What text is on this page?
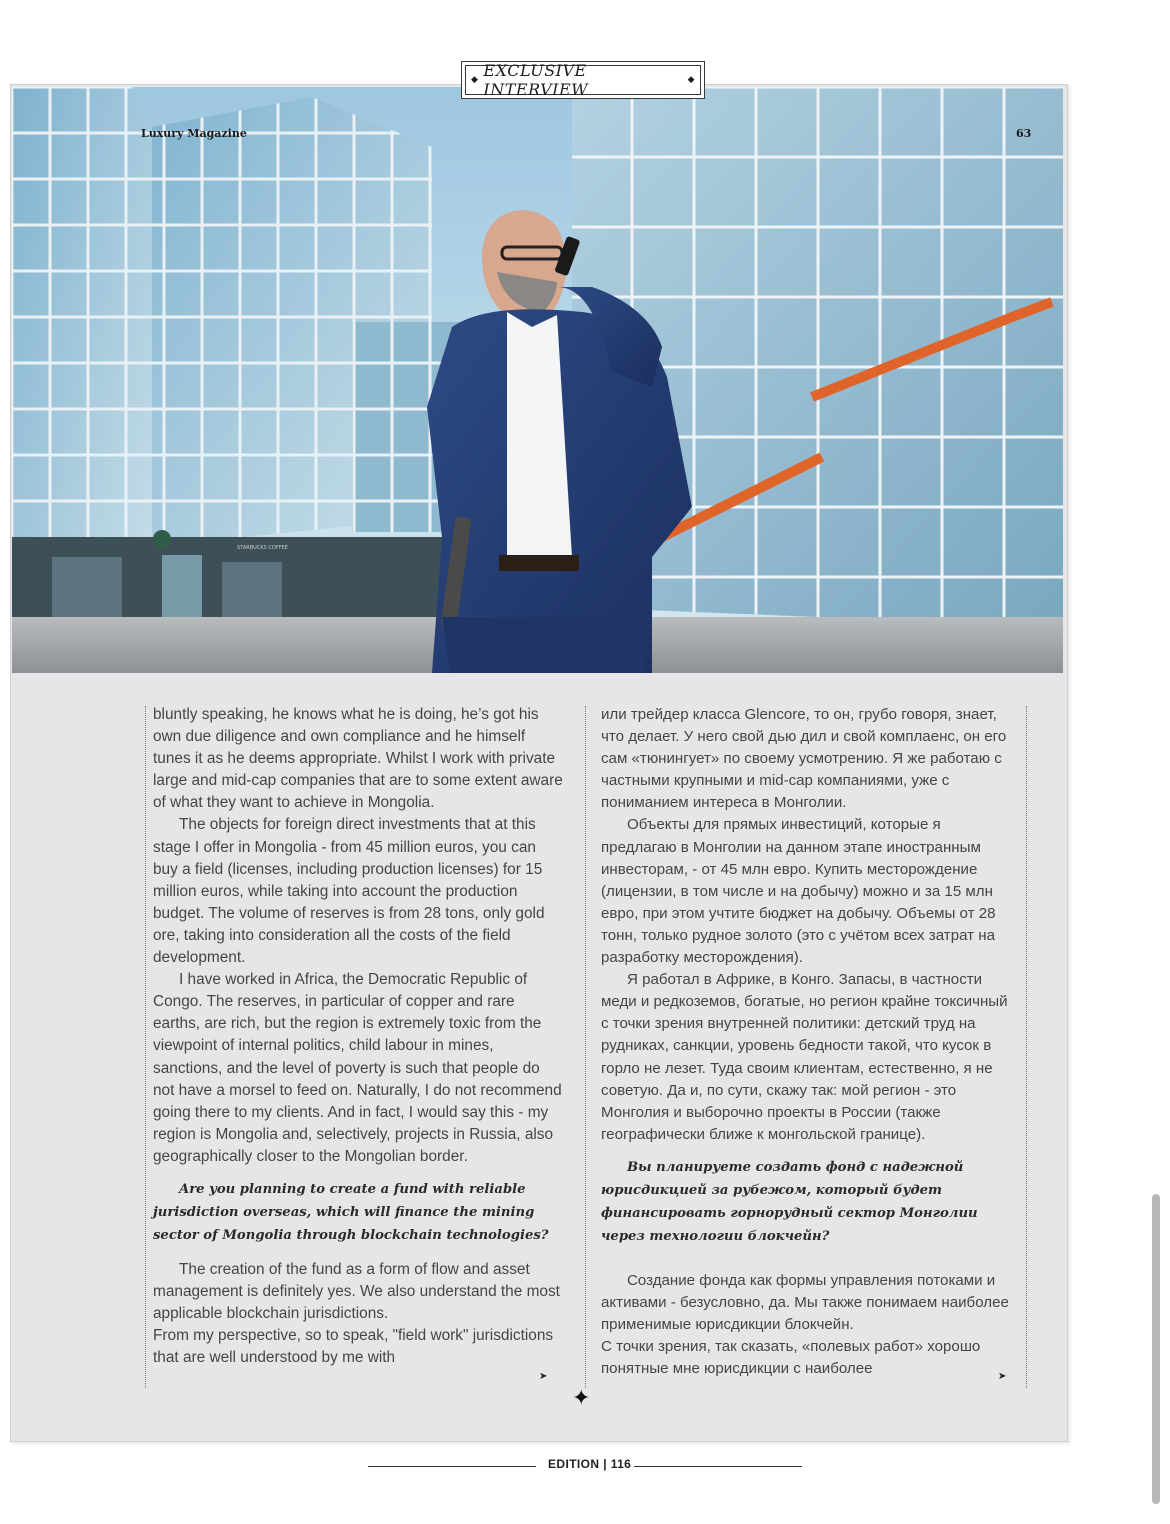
◆ EXCLUSIVE INTERVIEW	◆
STARBUCKS COFFEE
Luxury Magazine	63

bluntly speaking, he knows what he is doing, he’s got his own due diligence and own compliance and he himself tunes it as he deems appropriate. Whilst I work with private large and mid-cap companies that are to some extent aware of what they want to achieve in Mongolia.

The objects for foreign direct investments that at this stage I offer in Mongolia - from 45 million euros, you can buy a field (licenses, including production licenses) for 15 million euros, while taking into account the production budget. The volume of reserves is from 28 tons, only gold ore, taking into consideration all the costs of the field development.

I have worked in Africa, the Democratic Republic of Congo. The reserves, in particular of copper and rare earths, are rich, but the region is extremely toxic from the viewpoint of internal politics, child labour in mines, sanctions, and the level of poverty is such that people do not have a morsel to feed on. Naturally, I do not recommend going there to my clients. And in fact, I would say this - my region is Mongolia and, selectively, projects in Russia, also geographically closer to the Mongolian border.

Are you planning to create a fund with reliable jurisdiction overseas, which will finance the mining sector of Mongolia through blockchain technologies?

The creation of the fund as a form of flow and asset management is definitely yes. We also understand the most applicable blockchain jurisdictions.

From my perspective, so to speak, "field work" jurisdictions that are well understood by me with

➤

или трейдер класса Glencore, то он, грубо говоря, знает, что делает. У него свой дью дил и свой комплаенс, он его сам «тюнингует» по своему усмотрению. Я же работаю с частными крупными и mid-cap компаниями, уже с пониманием интереса в Монголии.

Объекты для прямых инвестиций, которые я предлагаю в Монголии на данном этапе иностранным инвесторам, - от 45 млн евро. Купить месторождение (лицензии, в том числе и на добычу) можно и за 15 млн евро, при этом учтите бюджет на добычу. Объемы от 28 тонн, только рудное золото (это с учётом всех затрат на разработку месторождения).

Я работал в Африке, в Конго. Запасы, в частности меди и редкоземов, богатые, но регион крайне токсичный с точки зрения внутренней политики: детский труд на рудниках, санкции, уровень бедности такой, что кусок в горло не лезет. Туда своим клиентам, естественно, я не советую. Да и, по сути, скажу так: мой регион - это Монголия и выборочно проекты в России (также географически ближе к монгольской границе).

Вы планируете создать фонд с надежной юрисдикцией за рубежом, который будет финансировать горнорудный сектор Монголии через технологии блокчейн?

Создание фонда как формы управления потоками и активами - безусловно, да. Мы также понимаем наиболее применимые юрисдикции блокчейн.

С точки зрения, так сказать, «полевых работ» хорошо понятные мне юрисдикции с наиболее	➤
✦
EDITION | 116
